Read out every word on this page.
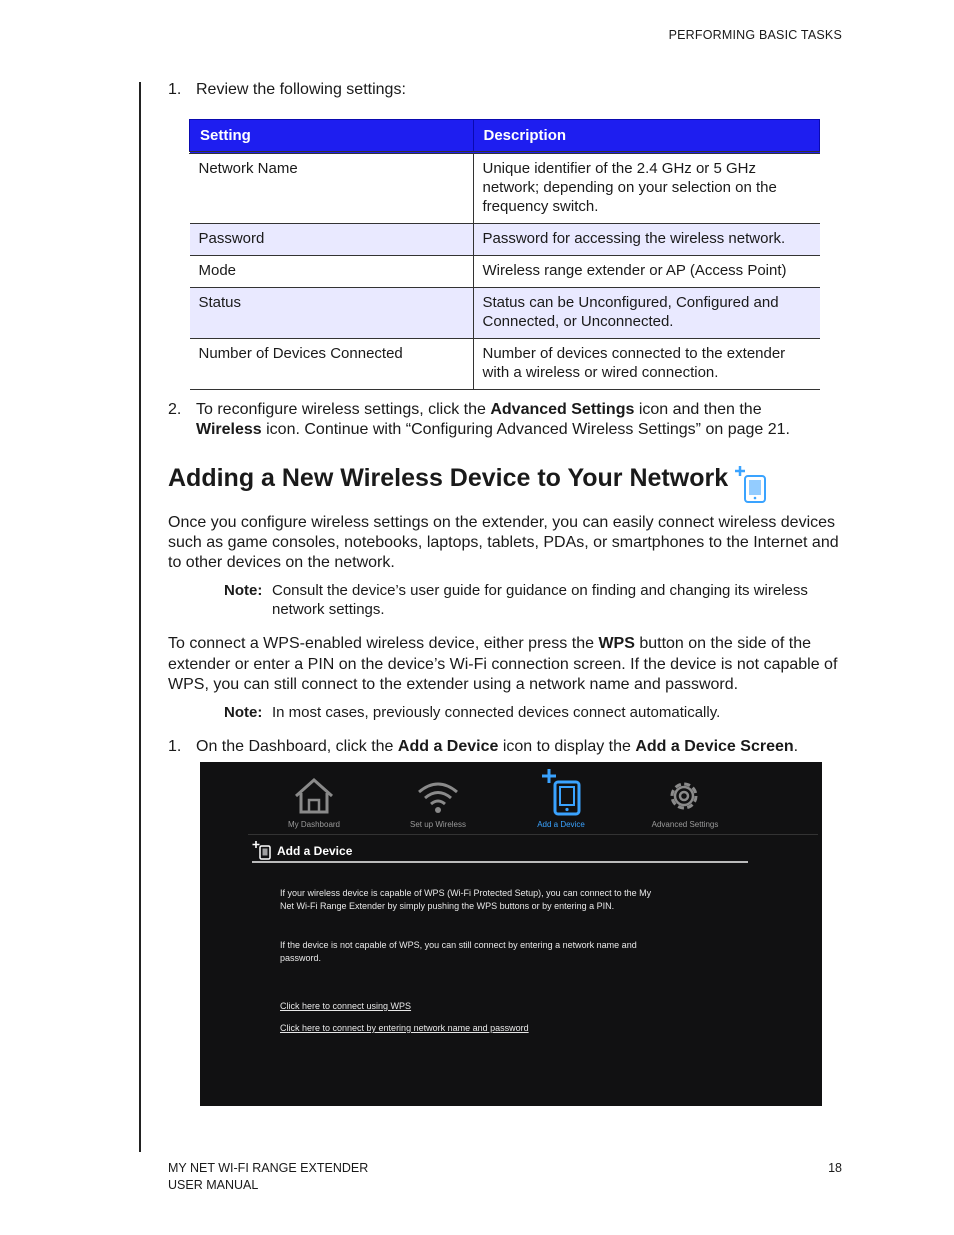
PERFORMING BASIC TASKS
1. Review the following settings:
Setting	Description
Network Name	Unique identifier of the 2.4 GHz or 5 GHz network; depending on your selection on the frequency switch.
Password	Password for accessing the wireless network.
Mode	Wireless range extender or AP (Access Point)
Status	Status can be Unconfigured, Configured and Connected, or Unconnected.
Number of Devices Connected	Number of devices connected to the extender with a wireless or wired connection.
2. To reconfigure wireless settings, click the Advanced Settings icon and then the
Wireless icon. Continue with “Configuring Advanced Wireless Settings” on page 21.
Adding a New Wireless Device to Your Network
Once you configure wireless settings on the extender, you can easily connect wireless devices such as game consoles, notebooks, laptops, tablets, PDAs, or smartphones to the Internet and to other devices on the network.
Note: Consult the device’s user guide for guidance on finding and changing its wireless network settings.
To connect a WPS-enabled wireless device, either press the WPS button on the side of the extender or enter a PIN on the device’s Wi-Fi connection screen. If the device is not capable of WPS, you can still connect to the extender using a network name and password.
Note: In most cases, previously connected devices connect automatically.
1. On the Dashboard, click the Add a Device icon to display the Add a Device Screen.
My Dashboard	Set up Wireless	Add a Device	Advanced Settings
Add a Device
If your wireless device is capable of WPS (Wi-Fi Protected Setup), you can connect to the My Net Wi-Fi Range Extender by simply pushing the WPS buttons or by entering a PIN.
If the device is not capable of WPS, you can still connect by entering a network name and password.
Click here to connect using WPS
Click here to connect by entering network name and password
MY NET WI-FI RANGE EXTENDER
USER MANUAL
18
